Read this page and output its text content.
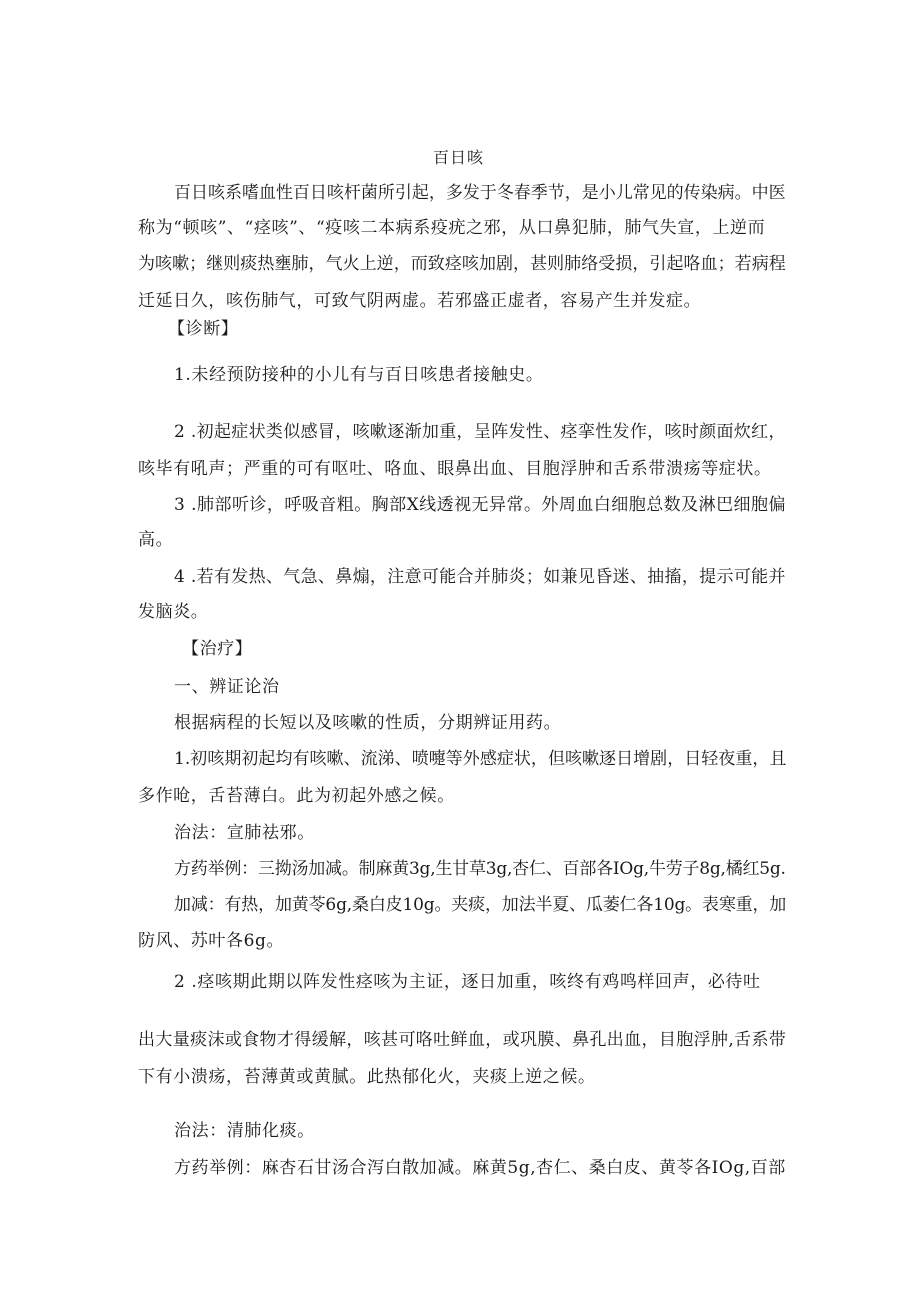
百日咳
百日咳系嗜血性百日咳杆菌所引起，多发于冬春季节，是小儿常见的传染病。中医
称为“顿咳”、“痉咳”、“疫咳二本病系疫疣之邪，从口鼻犯肺，肺气失宣，上逆而
为咳嗽；继则痰热壅肺，气火上逆，而致痉咳加剧，甚则肺络受损，引起咯血；若病程
迁延日久，咳伤肺气，可致气阴两虚。若邪盛正虚者，容易产生并发症。
【诊断】
1.未经预防接种的小儿有与百日咳患者接触史。
2 .初起症状类似感冒，咳嗽逐渐加重，呈阵发性、痉挛性发作，咳时颜面炊红，
咳毕有吼声；严重的可有呕吐、咯血、眼鼻出血、目胞浮肿和舌系带溃疡等症状。
3 .肺部听诊，呼吸音粗。胸部X线透视无异常。外周血白细胞总数及淋巴细胞偏
高。
4 .若有发热、气急、鼻煽，注意可能合并肺炎；如兼见昏迷、抽搐，提示可能并
发脑炎。
【治疗】
一、辨证论治
根据病程的长短以及咳嗽的性质，分期辨证用药。
1.初咳期初起均有咳嗽、流涕、喷嚏等外感症状，但咳嗽逐日增剧，日轻夜重，且
多作呛，舌苔薄白。此为初起外感之候。
治法：宣肺祛邪。
方药举例：三拗汤加减。制麻黄3g,生甘草3g,杏仁、百部各IOg,牛劳子8g,橘红5g.
加减：有热，加黄苓6g,桑白皮10g。夹痰，加法半夏、瓜萎仁各10g。表寒重，加
防风、苏叶各6g。
2 .痉咳期此期以阵发性痉咳为主证，逐日加重，咳终有鸡鸣样回声，必待吐
出大量痰沫或食物才得缓解，咳甚可咯吐鲜血，或巩膜、鼻孔出血，目胞浮肿,舌系带
下有小溃疡，苔薄黄或黄腻。此热郁化火，夹痰上逆之候。
治法：清肺化痰。
方药举例：麻杏石甘汤合泻白散加减。麻黄5g,杏仁、桑白皮、黄苓各IOg,百部
